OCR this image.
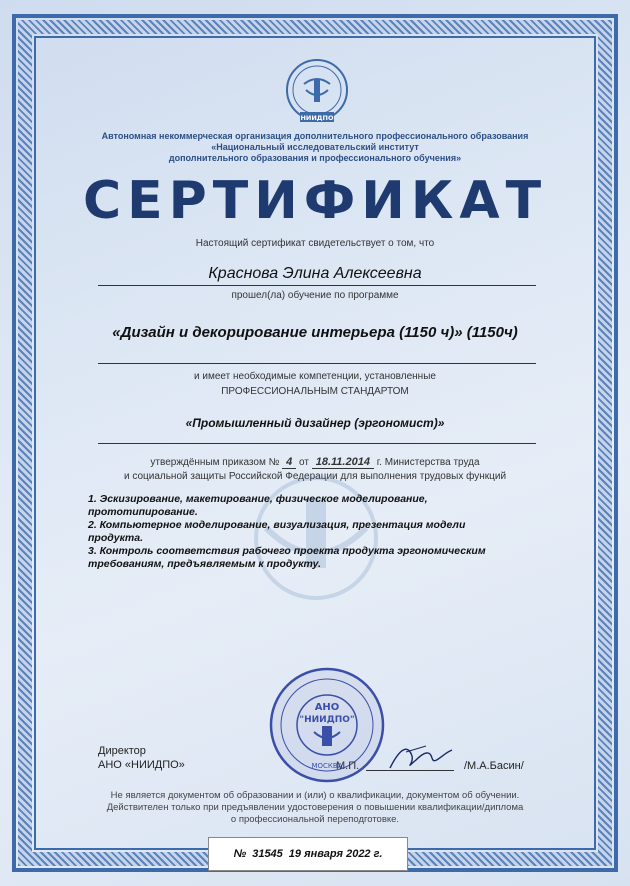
НИИДПО
Автономная некоммерческая организация дополнительного профессионального образования
«Национальный исследовательский институт
дополнительного образования и профессионального обучения»
СЕРТИФИКАТ
Настоящий сертификат свидетельствует о том, что
Краснова Элина Алексеевна
прошел(ла) обучение по программе
«Дизайн и декорирование интерьера (1150 ч)» (1150ч)
и имеет необходимые компетенции, установленные
ПРОФЕССИОНАЛЬНЫМ СТАНДАРТОМ
«Промышленный дизайнер (эргономист)»
утверждённым приказом № 4 от 18.11.2014 г. Министерства труда
и социальной защиты Российской Федерации для выполнения трудовых функций
1. Эскизирование, макетирование, физическое моделирование, прототипирование.
2. Компьютерное моделирование, визуализация, презентация модели продукта.
3. Контроль соответствия рабочего проекта продукта эргономическим требованиям, предъявляемым к продукту.
Директор
АНО «НИИДПО»
АНО
"НИИДПО"
МОСКВА
М.П.	/М.А.Басин/
Не является документом об образовании и (или) о квалификации, документом об обучении.
Действителен только при предъявлении удостоверения о повышении квалификации/диплома
о профессиональной переподготовке.
№ 31545 19 января 2022 г.
